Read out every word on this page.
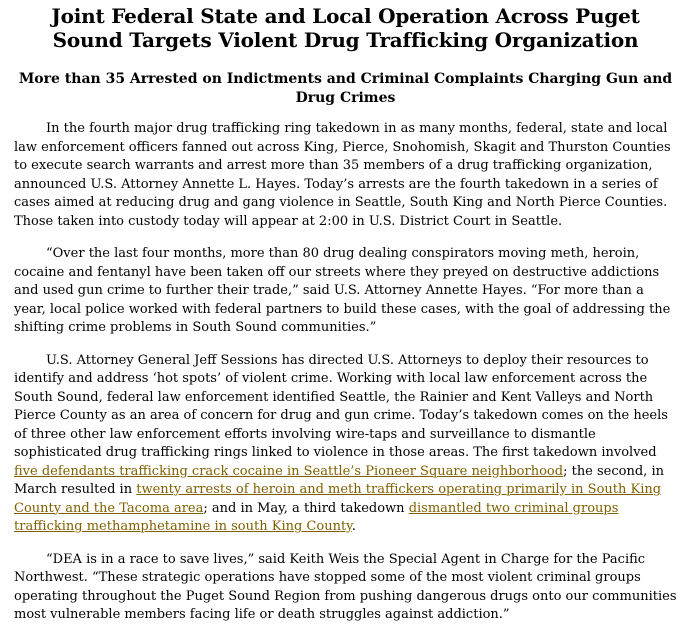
Joint Federal State and Local Operation Across Puget Sound Targets Violent Drug Trafficking Organization
More than 35 Arrested on Indictments and Criminal Complaints Charging Gun and Drug Crimes

In the fourth major drug trafficking ring takedown in as many months, federal, state and local law enforcement officers fanned out across King, Pierce, Snohomish, Skagit and Thurston Counties to execute search warrants and arrest more than 35 members of a drug trafficking organization, announced U.S. Attorney Annette L. Hayes. Today’s arrests are the fourth takedown in a series of cases aimed at reducing drug and gang violence in Seattle, South King and North Pierce Counties. Those taken into custody today will appear at 2:00 in U.S. District Court in Seattle.

“Over the last four months, more than 80 drug dealing conspirators moving meth, heroin, cocaine and fentanyl have been taken off our streets where they preyed on destructive addictions and used gun crime to further their trade,” said U.S. Attorney Annette Hayes. “For more than a year, local police worked with federal partners to build these cases, with the goal of addressing the shifting crime problems in South Sound communities.”

U.S. Attorney General Jeff Sessions has directed U.S. Attorneys to deploy their resources to identify and address ‘hot spots’ of violent crime. Working with local law enforcement across the South Sound, federal law enforcement identified Seattle, the Rainier and Kent Valleys and North Pierce County as an area of concern for drug and gun crime. Today’s takedown comes on the heels of three other law enforcement efforts involving wire-taps and surveillance to dismantle sophisticated drug trafficking rings linked to violence in those areas. The first takedown involved five defendants trafficking crack cocaine in Seattle’s Pioneer Square neighborhood; the second, in March resulted in twenty arrests of heroin and meth traffickers operating primarily in South King County and the Tacoma area; and in May, a third takedown dismantled two criminal groups trafficking methamphetamine in south King County.

“DEA is in a race to save lives,” said Keith Weis the Special Agent in Charge for the Pacific Northwest. “These strategic operations have stopped some of the most violent criminal groups operating throughout the Puget Sound Region from pushing dangerous drugs onto our communities most vulnerable members facing life or death struggles against addiction.”
